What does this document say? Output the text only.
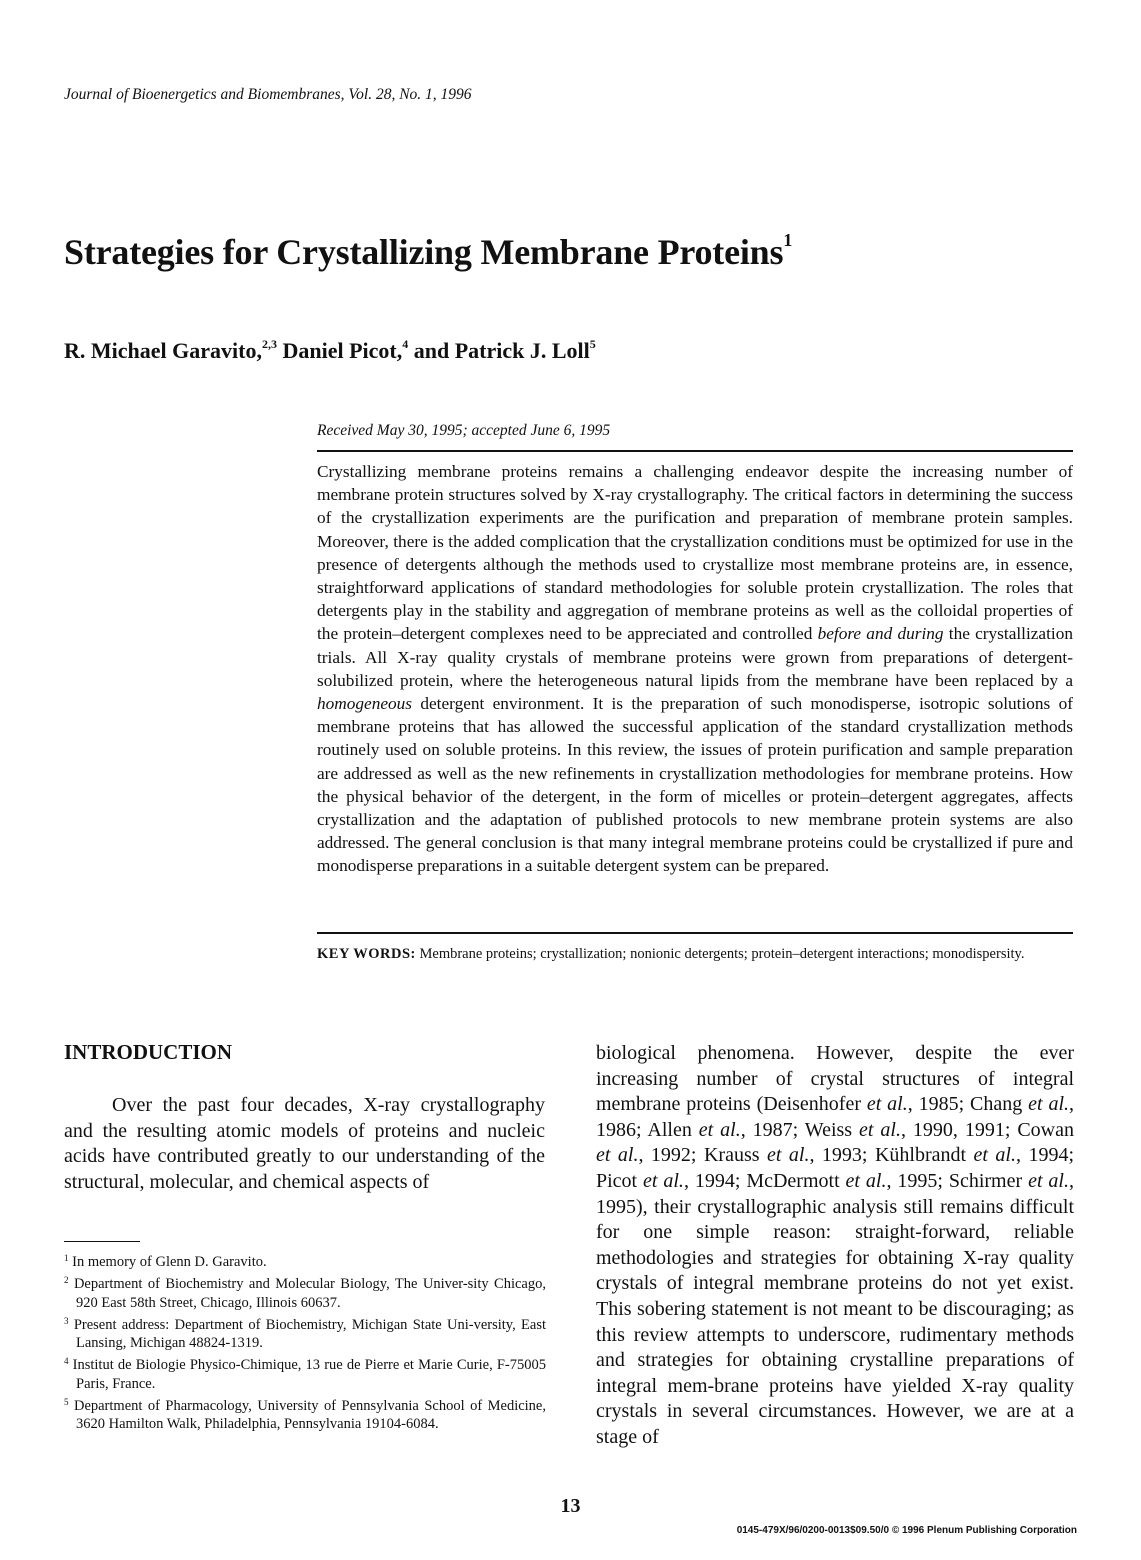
Journal of Bioenergetics and Biomembranes, Vol. 28, No. 1, 1996
Strategies for Crystallizing Membrane Proteins$^1$
R. Michael Garavito,$^{2,3}$ Daniel Picot,$^4$ and Patrick J. Loll$^5$
Received May 30, 1995; accepted June 6, 1995

Crystallizing membrane proteins remains a challenging endeavor despite the increasing number of membrane protein structures solved by X-ray crystallography. The critical factors in determining the success of the crystallization experiments are the purification and preparation of membrane protein samples. Moreover, there is the added complication that the crystallization conditions must be optimized for use in the presence of detergents although the methods used to crystallize most membrane proteins are, in essence, straightforward applications of standard methodologies for soluble protein crystallization. The roles that detergents play in the stability and aggregation of membrane proteins as well as the colloidal properties of the protein–detergent complexes need to be appreciated and controlled before and during the crystallization trials. All X-ray quality crystals of membrane proteins were grown from preparations of detergent-solubilized protein, where the heterogeneous natural lipids from the membrane have been replaced by a homogeneous detergent environment. It is the preparation of such monodisperse, isotropic solutions of membrane proteins that has allowed the successful application of the standard crystallization methods routinely used on soluble proteins. In this review, the issues of protein purification and sample preparation are addressed as well as the new refinements in crystallization methodologies for membrane proteins. How the physical behavior of the detergent, in the form of micelles or protein–detergent aggregates, affects crystallization and the adaptation of published protocols to new membrane protein systems are also addressed. The general conclusion is that many integral membrane proteins could be crystallized if pure and monodisperse preparations in a suitable detergent system can be prepared.

KEY WORDS: Membrane proteins; crystallization; nonionic detergents; protein–detergent interactions; monodispersity.
INTRODUCTION

Over the past four decades, X-ray crystallography and the resulting atomic models of proteins and nucleic acids have contributed greatly to our understanding of the structural, molecular, and chemical aspects of

$^1$ In memory of Glenn D. Garavito.
$^2$ Department of Biochemistry and Molecular Biology, The Univer-sity Chicago, 920 East 58th Street, Chicago, Illinois 60637.
$^3$ Present address: Department of Biochemistry, Michigan State Uni-versity, East Lansing, Michigan 48824-1319.
$^4$ Institut de Biologie Physico-Chimique, 13 rue de Pierre et Marie Curie, F-75005 Paris, France.
$^5$ Department of Pharmacology, University of Pennsylvania School of Medicine, 3620 Hamilton Walk, Philadelphia, Pennsylvania 19104-6084.

biological phenomena. However, despite the ever increasing number of crystal structures of integral membrane proteins (Deisenhofer et al., 1985; Chang et al., 1986; Allen et al., 1987; Weiss et al., 1990, 1991; Cowan et al., 1992; Krauss et al., 1993; Kühlbrandt et al., 1994; Picot et al., 1994; McDermott et al., 1995; Schirmer et al., 1995), their crystallographic analysis still remains difficult for one simple reason: straight-forward, reliable methodologies and strategies for obtaining X-ray quality crystals of integral membrane proteins do not yet exist. This sobering statement is not meant to be discouraging; as this review attempts to underscore, rudimentary methods and strategies for obtaining crystalline preparations of integral mem-brane proteins have yielded X-ray quality crystals in several circumstances. However, we are at a stage of

13
0145-479X/96/0200-0013$09.50/0 © 1996 Plenum Publishing Corporation
